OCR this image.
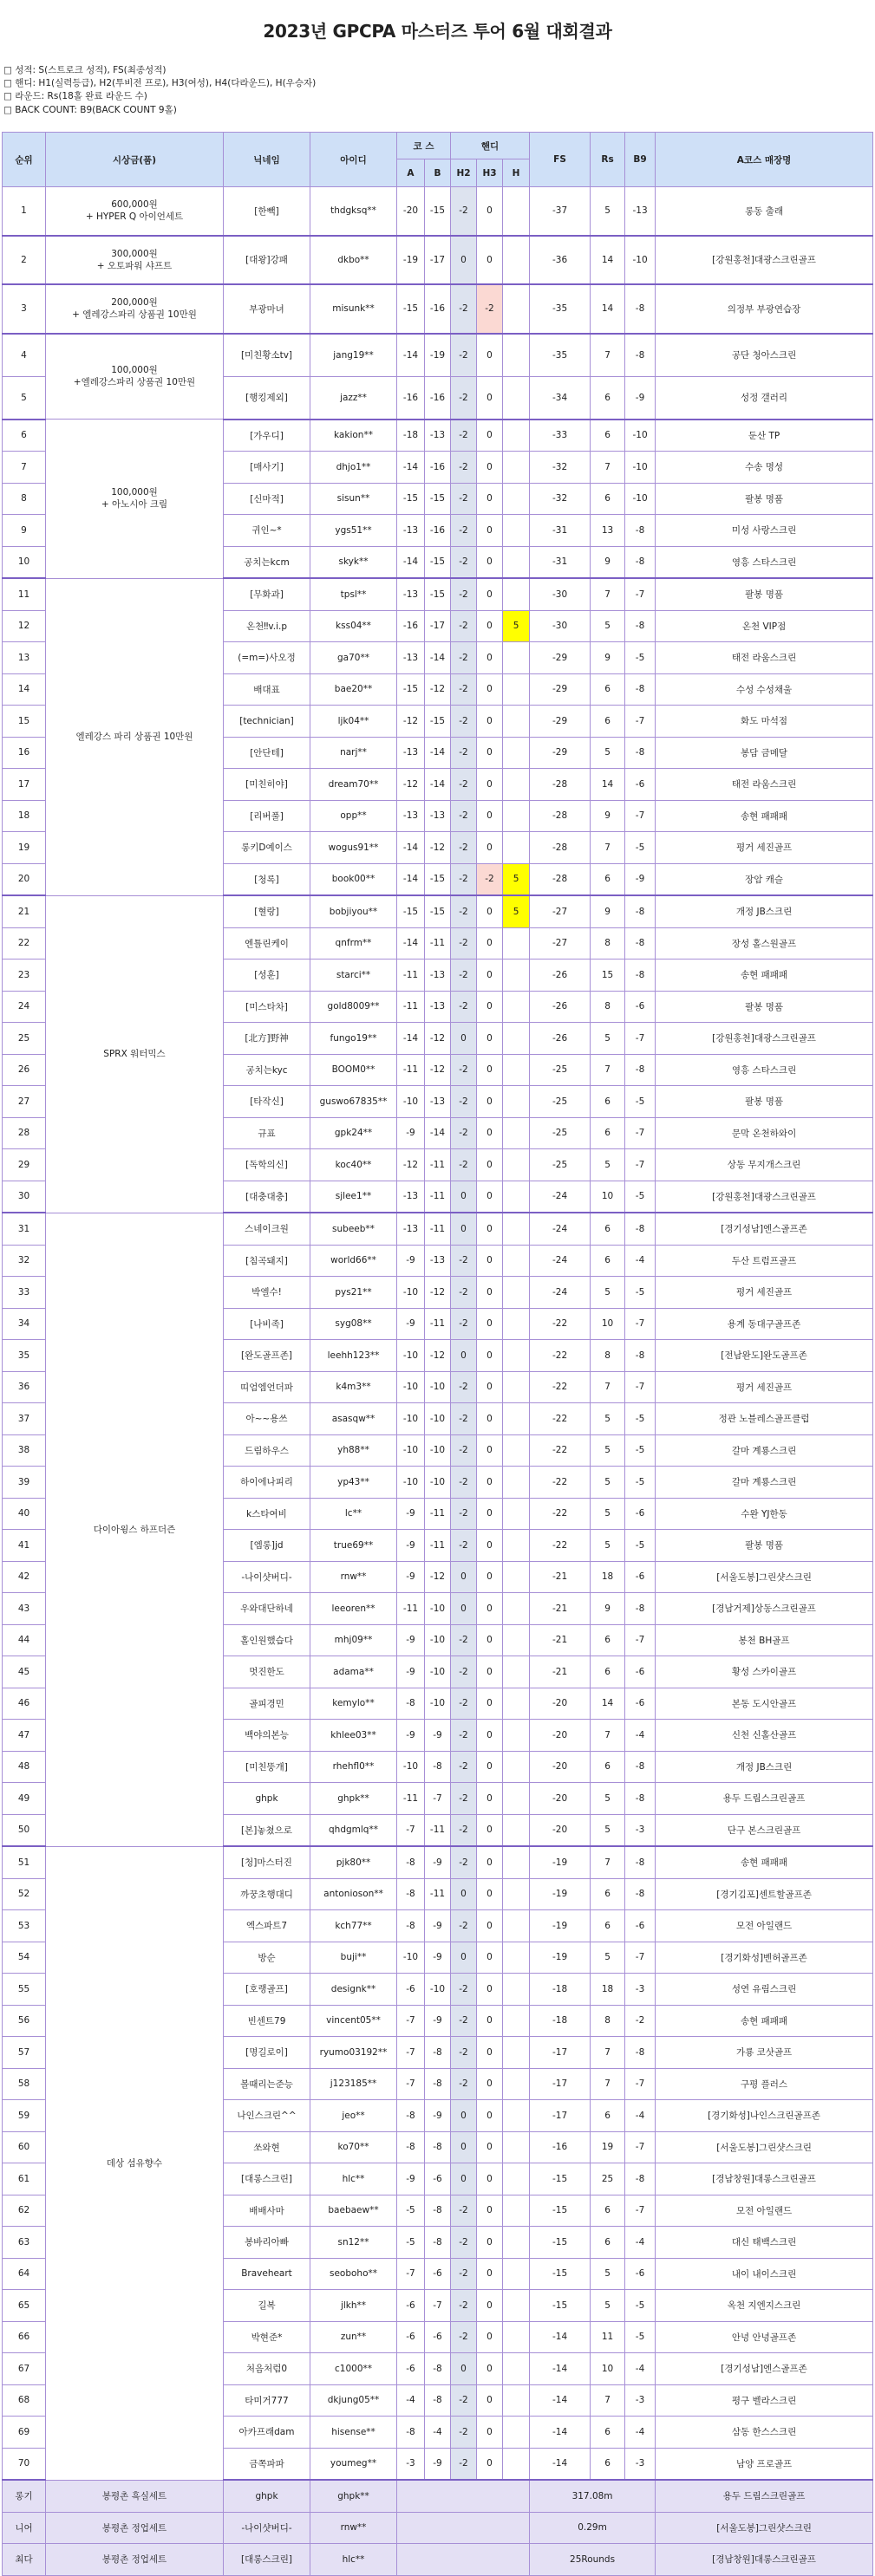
2023년 GPCPA 마스터즈 투어 6월 대회결과
□ 성적: S(스트로크 성적), FS(최종성적)
□ 핸디: H1(실력등급), H2(투비전 프로), H3(여성), H4(다라운드), H(우승자)
□ 라운드: Rs(18홀 완료 라운드 수)
□ BACK COUNT: B9(BACK COUNT 9홀)
순위	시상금(품)	닉네임	아이디	코 스		핸디			FS	Rs	B9	A코스 매장명
				A	B	H2	H3	H				
1	600,000원
+ HYPER Q 아이언세트	[한빽]	thdgksq**	-20	-15	-2	0		-37	5	-13	롱동 출래
2	300,000원
+ 오토파워 샤프트	[대왕]강패	dkbo**	-19	-17	0	0		-36	14	-10	[강원홍천]대광스크린골프
3	200,000원
+ 엘레강스파리 상품권 10만원	부광마녀	misunk**	-15	-16	-2	-2		-35	14	-8	의정부 부광연습장
4	100,000원
+엘레강스파리 상품권 10만원	[미친황소tv]	jang19**	-14	-19	-2	0		-35	7	-8	공단 청아스크린
5		[행킹제외]	jazz**	-16	-16	-2	0		-34	6	-9	성정 갤러리
6	100,000원
+ 아노시아 크림	[가우디]	kakion**	-18	-13	-2	0		-33	6	-10	둔산 TP
7		[매사기]	dhjo1**	-14	-16	-2	0		-32	7	-10	수송 명성
8		[신마적]	sisun**	-15	-15	-2	0		-32	6	-10	팔봉 명품
9		귀인~*	ygs51**	-13	-16	-2	0		-31	13	-8	미성 사랑스크린
10		공치는kcm	skyk**	-14	-15	-2	0		-31	9	-8	영흥 스타스크린
11	엘레강스 파리 상품권 10만원	[무화과]	tpsl**	-13	-15	-2	0		-30	7	-7	팔봉 명품
12		온천‼v.i.p	kss04**	-16	-17	-2	0	5	-30	5	-8	온천 VIP점
13		(=m=)사오정	ga70**	-13	-14	-2	0		-29	9	-5	태전 라움스크린
14		배대표	bae20**	-15	-12	-2	0		-29	6	-8	수성 수성채울
15		[technician]	ljk04**	-12	-15	-2	0		-29	6	-7	화도 마석점
16		[안단테]	narj**	-13	-14	-2	0		-29	5	-8	봉담 금메달
17		[미친히야]	dream70**	-12	-14	-2	0		-28	14	-6	태전 라움스크린
18		[리버풀]	opp**	-13	-13	-2	0		-28	9	-7	송현 패패패
19		롱키D예이스	wogus91**	-14	-12	-2	0		-28	7	-5	평거 세진골프
20		[청록]	book00**	-14	-15	-2	-2	5	-28	6	-9	장암 캐슬
21	SPRX 워터믹스	[혈랑]	bobjiyou**	-15	-15	-2	0	5	-27	9	-8	개정 JB스크린
22		엔틀린케이	qnfrm**	-14	-11	-2	0		-27	8	-8	장성 홀스원골프
23		[성훈]	starci**	-11	-13	-2	0		-26	15	-8	송현 패패패
24		[미스타차]	gold8009**	-11	-13	-2	0		-26	8	-6	팔봉 명품
25		[北方]野神	fungo19**	-14	-12	0	0		-26	5	-7	[강원홍천]대광스크린골프
26		공치는kyc	BOOM0**	-11	-12	-2	0		-25	7	-8	영흥 스타스크린
27		[타작신]	guswo67835**	-10	-13	-2	0		-25	6	-5	팔봉 명품
28		규표	gpk24**	-9	-14	-2	0		-25	6	-7	문막 온천하와이
29		[독학의신]	koc40**	-12	-11	-2	0		-25	5	-7	상동 무지개스크린
30		[대충대충]	sjlee1**	-13	-11	0	0		-24	10	-5	[강원홍천]대광스크린골프
31	다이아윙스 하프더즌	스네이크원	subeeb**	-13	-11	0	0		-24	6	-8	[경기성남]엔스골프존
32		[침곡돼지]	world66**	-9	-13	-2	0		-24	6	-4	두산 트럼프골프
33		박엘수!	pys21**	-10	-12	-2	0		-24	5	-5	평거 세진골프
34		[나비족]	syg08**	-9	-11	-2	0		-22	10	-7	용계 동대구골프존
35		[완도골프존]	leehh123**	-10	-12	0	0		-22	8	-8	[전남완도]완도골프존
36		띠엄엠언더파	k4m3**	-10	-10	-2	0		-22	7	-7	평거 세진골프
37		아~~용쓰	asasqw**	-10	-10	-2	0		-22	5	-5	정관 노블레스골프클럽
38		드림하우스	yh88**	-10	-10	-2	0		-22	5	-5	갈마 계룡스크린
39		하이에나피리	yp43**	-10	-10	-2	0		-22	5	-5	갈마 계룡스크린
40		k스타여비	lc**	-9	-11	-2	0		-22	5	-6	수완 YJ한동
41		[엠롱]jd	true69**	-9	-11	-2	0		-22	5	-5	팔봉 명품
42		-나이샷버디-	rnw**	-9	-12	0	0		-21	18	-6	[서울도봉]그린샷스크린
43		우와대단하네	leeoren**	-11	-10	0	0		-21	9	-8	[경남거제]상동스크린골프
44		홀인원했습다	mhj09**	-9	-10	-2	0		-21	6	-7	봉천 BH골프
45		멋진한도	adama**	-9	-10	-2	0		-21	6	-6	황성 스카이골프
46		골피경민	kemylo**	-8	-10	-2	0		-20	14	-6	본동 도시안골프
47		백야의본능	khlee03**	-9	-9	-2	0		-20	7	-4	신천 신홀산골프
48		[미친뚱개]	rhehfl0**	-10	-8	-2	0		-20	6	-8	개정 JB스크린
49		ghpk	ghpk**	-11	-7	-2	0		-20	5	-8	용두 드림스크린골프
50		[본]놓쳤으로	qhdgmlq**	-7	-11	-2	0		-20	5	-3	단구 본스크린골프
51	데상 섬유향수	[청]마스터진	pjk80**	-8	-9	-2	0		-19	7	-8	송현 패패패
52		까꿍초행대디	antonioson**	-8	-11	0	0		-19	6	-8	[경기김포]센트할골프존
53		엑스파트7	kch77**	-8	-9	-2	0		-19	6	-6	모전 아일랜드
54		방순	buji**	-10	-9	0	0		-19	5	-7	[경기화성]벤허골프존
55		[호랭골프]	designk**	-6	-10	-2	0		-18	18	-3	성연 유림스크린
56		빈센트79	vincent05**	-7	-9	-2	0		-18	8	-2	송현 패패패
57		[명길로이]	ryumo03192**	-7	-8	-2	0		-17	7	-8	가룡 코삿골프
58		볼때리는준능	j123185**	-7	-8	-2	0		-17	7	-7	구평 플러스
59		나인스크린^^	jeo**	-8	-9	0	0		-17	6	-4	[경기화성]나인스크린골프존
60		쏘와현	ko70**	-8	-8	0	0		-16	19	-7	[서울도봉]그린샷스크린
61		[대롱스크린]	hlc**	-9	-6	0	0		-15	25	-8	[경남창원]대롱스크린골프
62		배배사마	baebaew**	-5	-8	-2	0		-15	6	-7	모전 아일랜드
63		봉바리아빠	sn12**	-5	-8	-2	0		-15	6	-4	대신 태백스크린
64		Braveheart	seoboho**	-7	-6	-2	0		-15	5	-6	내이 내이스크린
65		길복	jlkh**	-6	-7	-2	0		-15	5	-5	옥천 지엔지스크린
66		박현준*	zun**	-6	-6	-2	0		-14	11	-5	안녕 안녕골프존
67		처음처럼0	c1000**	-6	-8	0	0		-14	10	-4	[경기성남]엔스골프존
68		타미거777	dkjung05**	-4	-8	-2	0		-14	7	-3	평구 벨라스크린
69		아카프래dam	hisense**	-8	-4	-2	0		-14	6	-4	삼동 한스스크린
70		금쪽파파	youmeg**	-3	-9	-2	0		-14	6	-3	남양 프로골프
롱기	봉평촌 흑실세트	ghpk	ghpk**						317.08m			용두 드림스크린골프
니어	봉평촌 정업세트	-나이샷버디-	rnw**						0.29m			[서울도봉]그린샷스크린
최다	봉평촌 정업세트	[대롱스크린]	hlc**						25Rounds			[경남창원]대롱스크린골프
